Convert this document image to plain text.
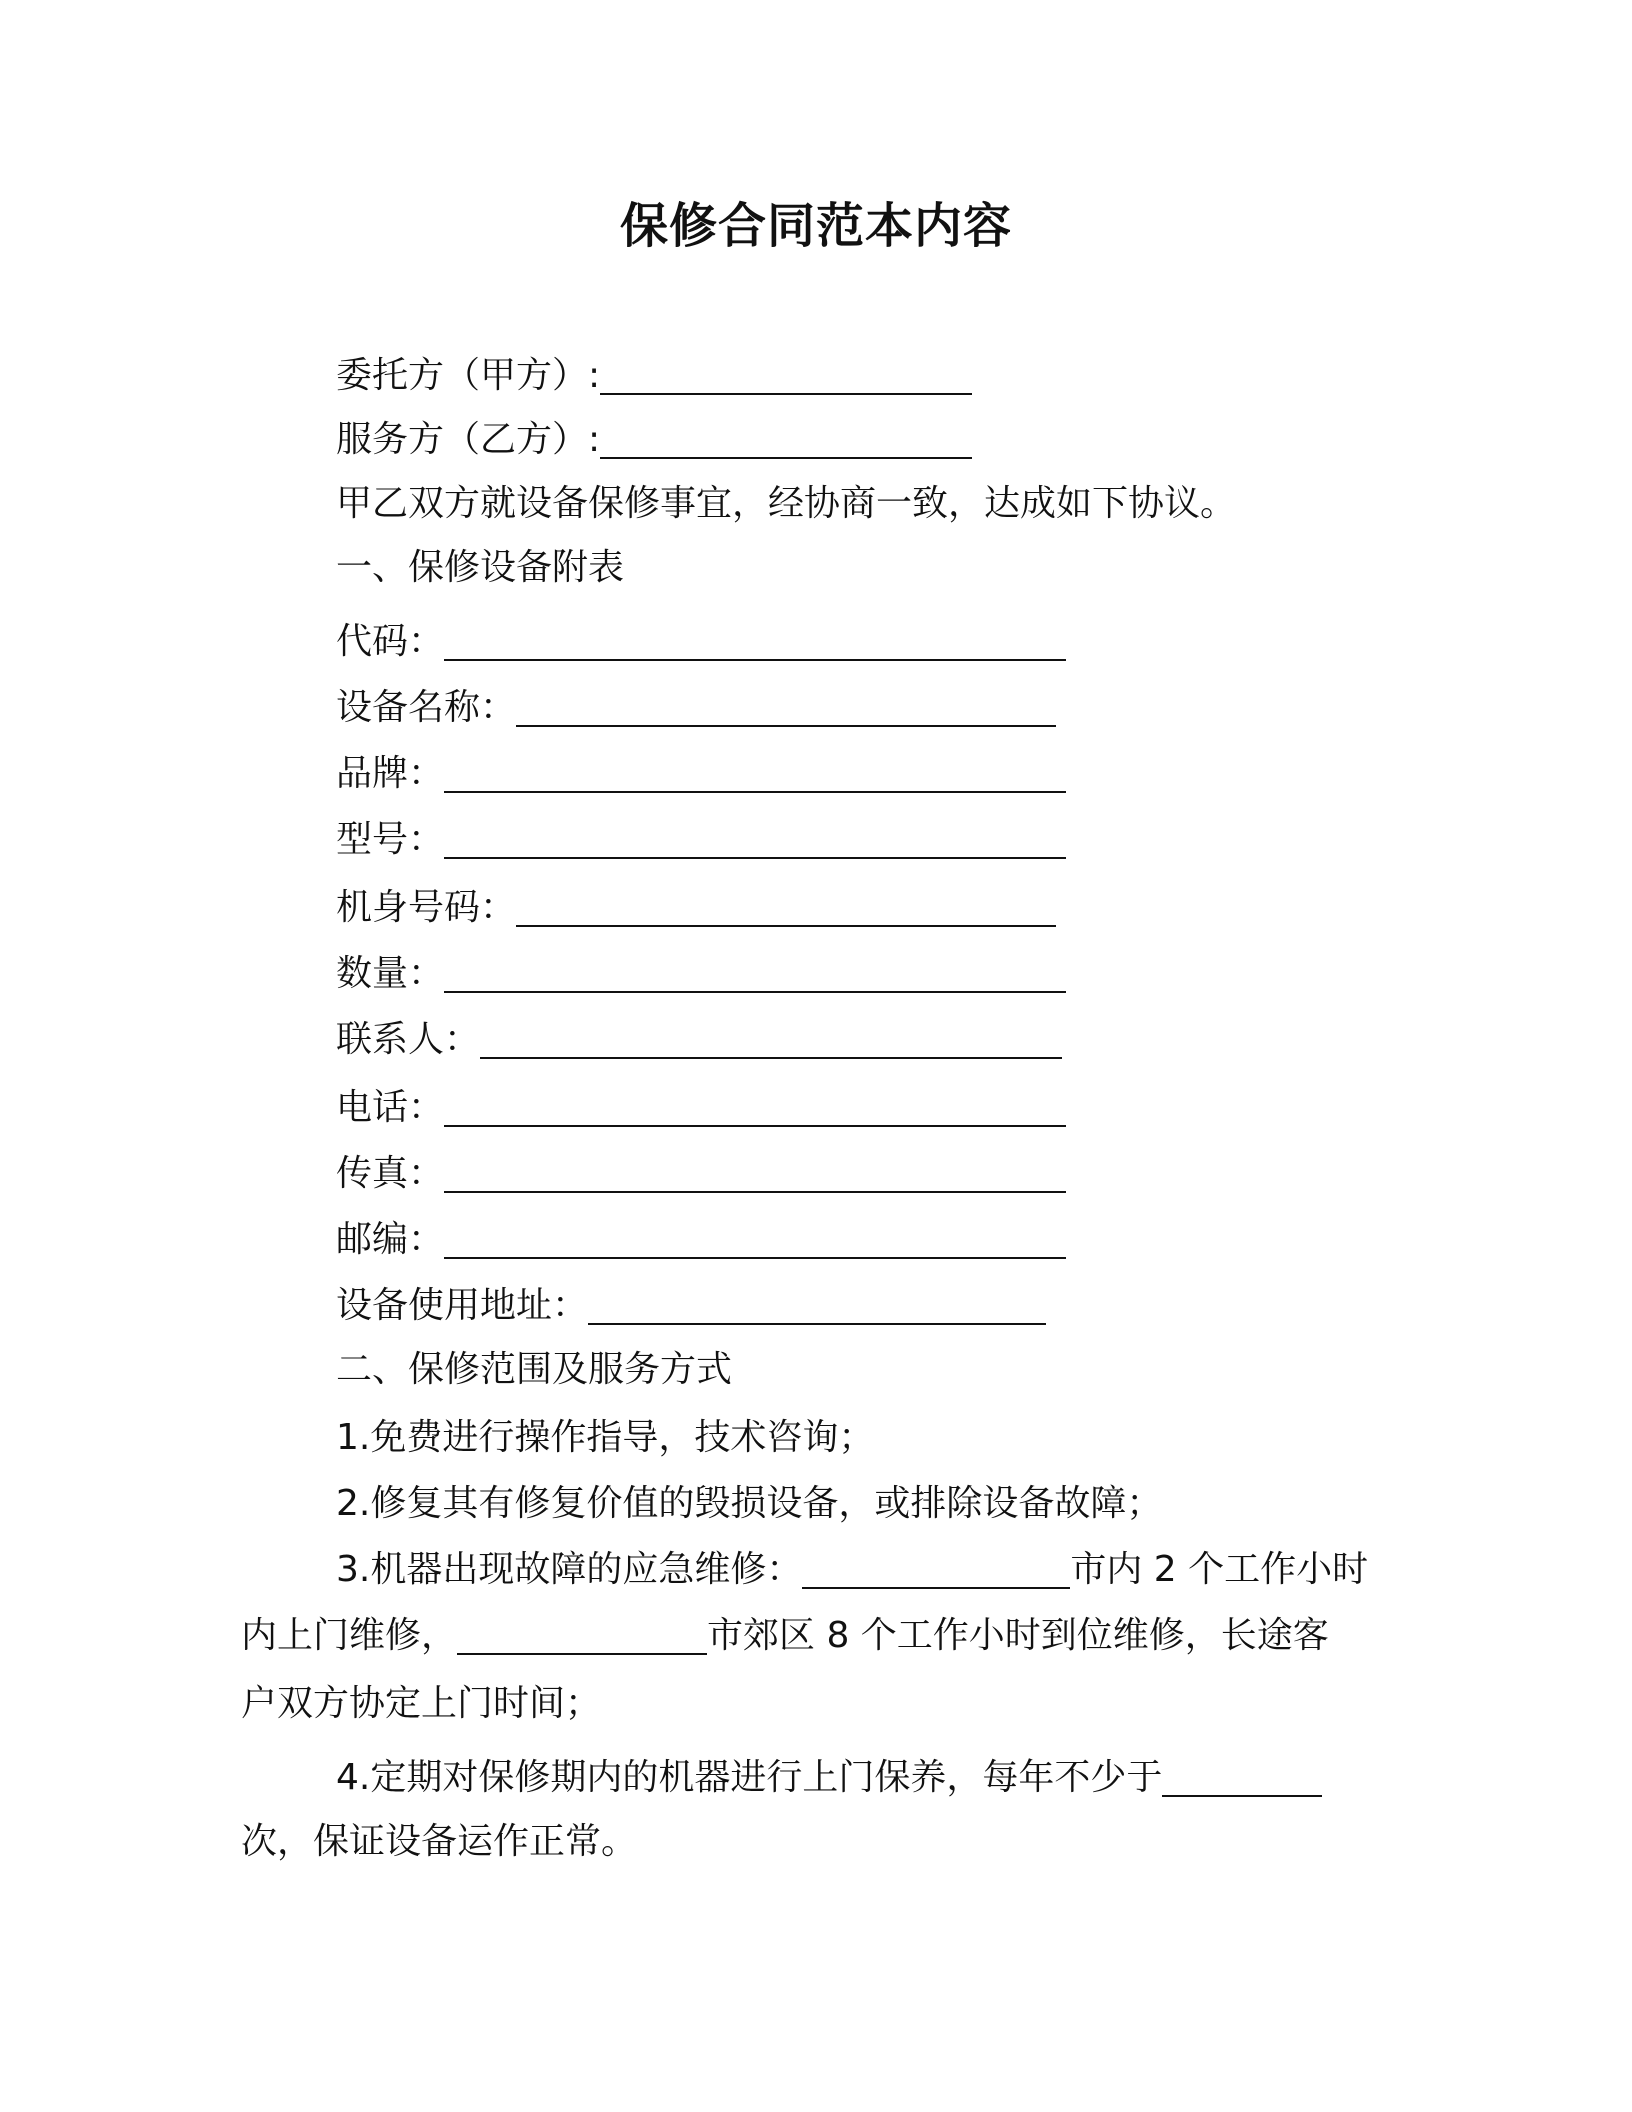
保修合同范本内容
委托方（甲方）:
服务方（乙方）:
甲乙双方就设备保修事宜，经协商一致，达成如下协议。
一、保修设备附表
代码：
设备名称：
品牌：
型号：
机身号码：
数量：
联系人：
电话：
传真：
邮编：
设备使用地址：
二、保修范围及服务方式
1.免费进行操作指导，技术咨询；
2.修复其有修复价值的毁损设备，或排除设备故障；
3.机器出现故障的应急维修：	市内 2 个工作小时
内上门维修，	市郊区 8 个工作小时到位维修，长途客
户双方协定上门时间；
4.定期对保修期内的机器进行上门保养，每年不少于
次，保证设备运作正常。
